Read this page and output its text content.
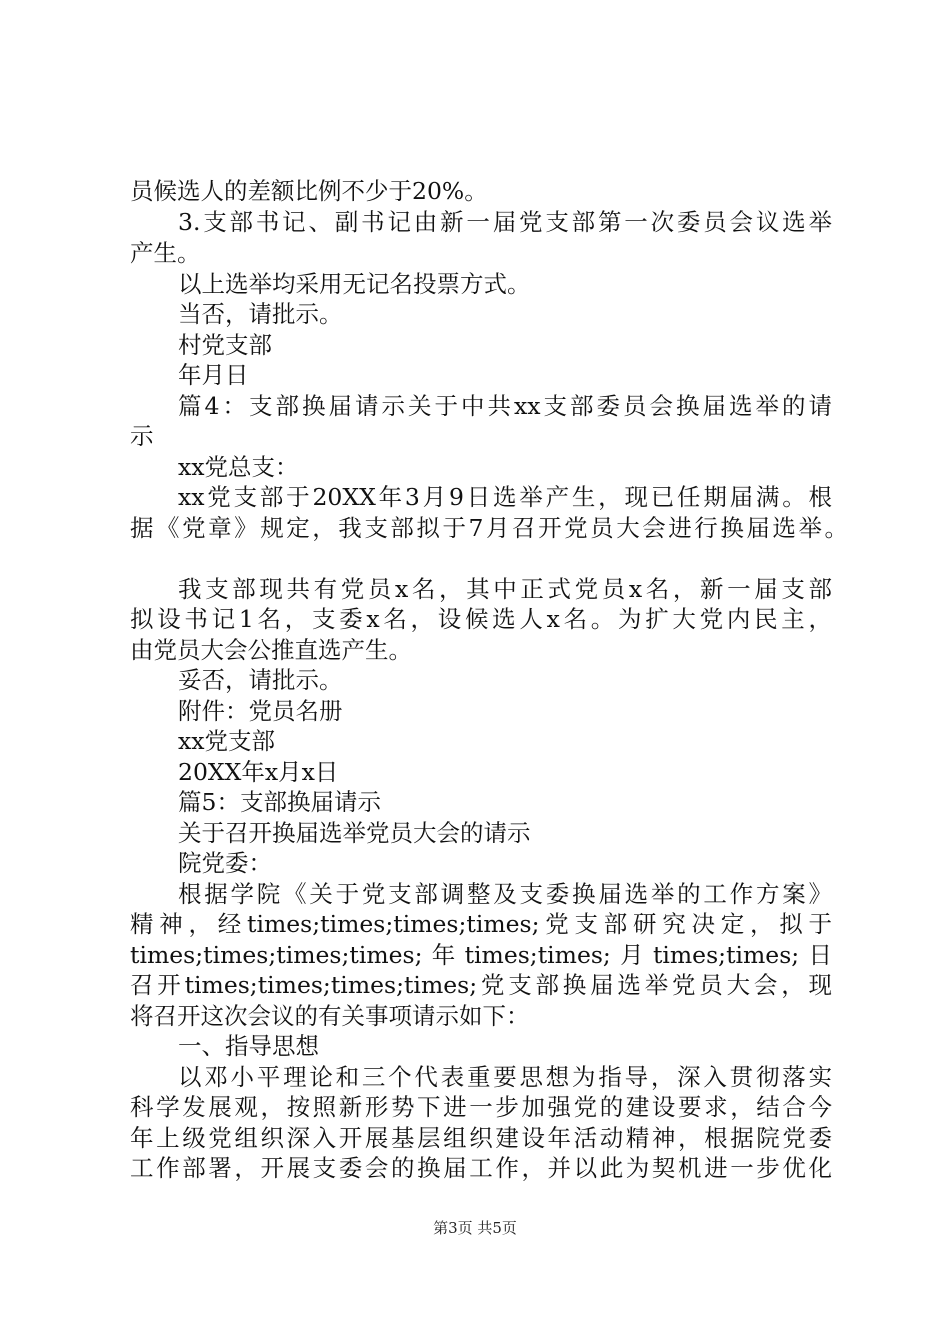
员候选人的差额比例不少于20%。
3.支部书记、副书记由新一届党支部第一次委员会议选举
产生。
以上选举均采用无记名投票方式。
当否，请批示。
村党支部
年月日
篇4：支部换届请示关于中共xx支部委员会换届选举的请
示
xx党总支：
xx党支部于20XX年3月9日选举产生，现已任期届满。根
据《党章》规定，我支部拟于7月召开党员大会进行换届选举。
我支部现共有党员x名，其中正式党员x名，新一届支部
拟设书记1名，支委x名，设候选人x名。为扩大党内民主，
由党员大会公推直选产生。
妥否，请批示。
附件：党员名册
xx党支部
20XX年x月x日
篇5：支部换届请示
关于召开换届选举党员大会的请示
院党委：
根据学院《关于党支部调整及支委换届选举的工作方案》
精神，经times;times;times;times;党支部研究决定，拟于
times;times;times;times;年times;times;月times;times;日
召开times;times;times;times;党支部换届选举党员大会，现
将召开这次会议的有关事项请示如下：
一、指导思想
以邓小平理论和三个代表重要思想为指导，深入贯彻落实
科学发展观，按照新形势下进一步加强党的建设要求，结合今
年上级党组织深入开展基层组织建设年活动精神，根据院党委
工作部署，开展支委会的换届工作，并以此为契机进一步优化
第3页 共5页
